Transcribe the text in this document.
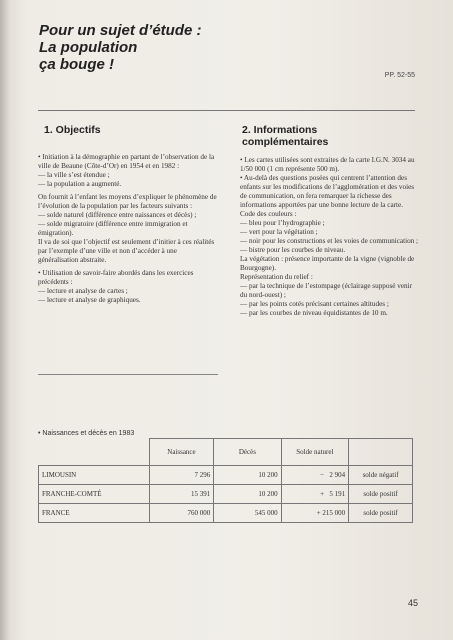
Pour un sujet d’étude :
La population
ça bouge !
PP. 52-55
1. Objectifs

• Initiation à la démographie en partant de l’observation de la ville de Beaune (Côte-d’Or) en 1954 et en 1982 :

— la ville s’est étendue ;

— la population a augmenté.

On fournit à l’enfant les moyens d’expliquer le phénomène de l’évolution de la population par les facteurs suivants :

— solde naturel (différence entre naissances et décès) ;

— solde migratoire (différence entre immigration et émigration).

Il va de soi que l’objectif est seulement d’initier à ces réalités par l’exemple d’une ville et non d’accéder à une généralisation abstraite.

• Utilisation de savoir-faire abordés dans les exercices précédents :

— lecture et analyse de cartes ;

— lecture et analyse de graphiques.

2. Informations
complémentaires

• Les cartes utilisées sont extraites de la carte I.G.N. 3034 au 1/50 000 (1 cm représente 500 m).

• Au-delà des questions posées qui centrent l’attention des enfants sur les modifications de l’agglomération et des voies de communication, on fera remarquer la richesse des informations apportées par une bonne lecture de la carte.

Code des couleurs :

— bleu pour l’hydrographie ;

— vert pour la végétation ;

— noir pour les constructions et les voies de communication ;

— bistre pour les courbes de niveau.

La végétation : présence importante de la vigne (vignoble de Bourgogne).

Représentation du relief :

— par la technique de l’estompage (éclairage supposé venir du nord-ouest) ;

— par les points cotés précisant certaines altitudes ;

— par les courbes de niveau équidistantes de 10 m.

• Naissances et décès en 1983
	Naissance	Décès	Solde naturel	
LIMOUSIN	7 296	10 200	− 2 904	solde négatif
FRANCHE-COMTÉ	15 391	10 200	+ 5 191	solde positif
FRANCE	760 000	545 000	+ 215 000	solde positif
45
